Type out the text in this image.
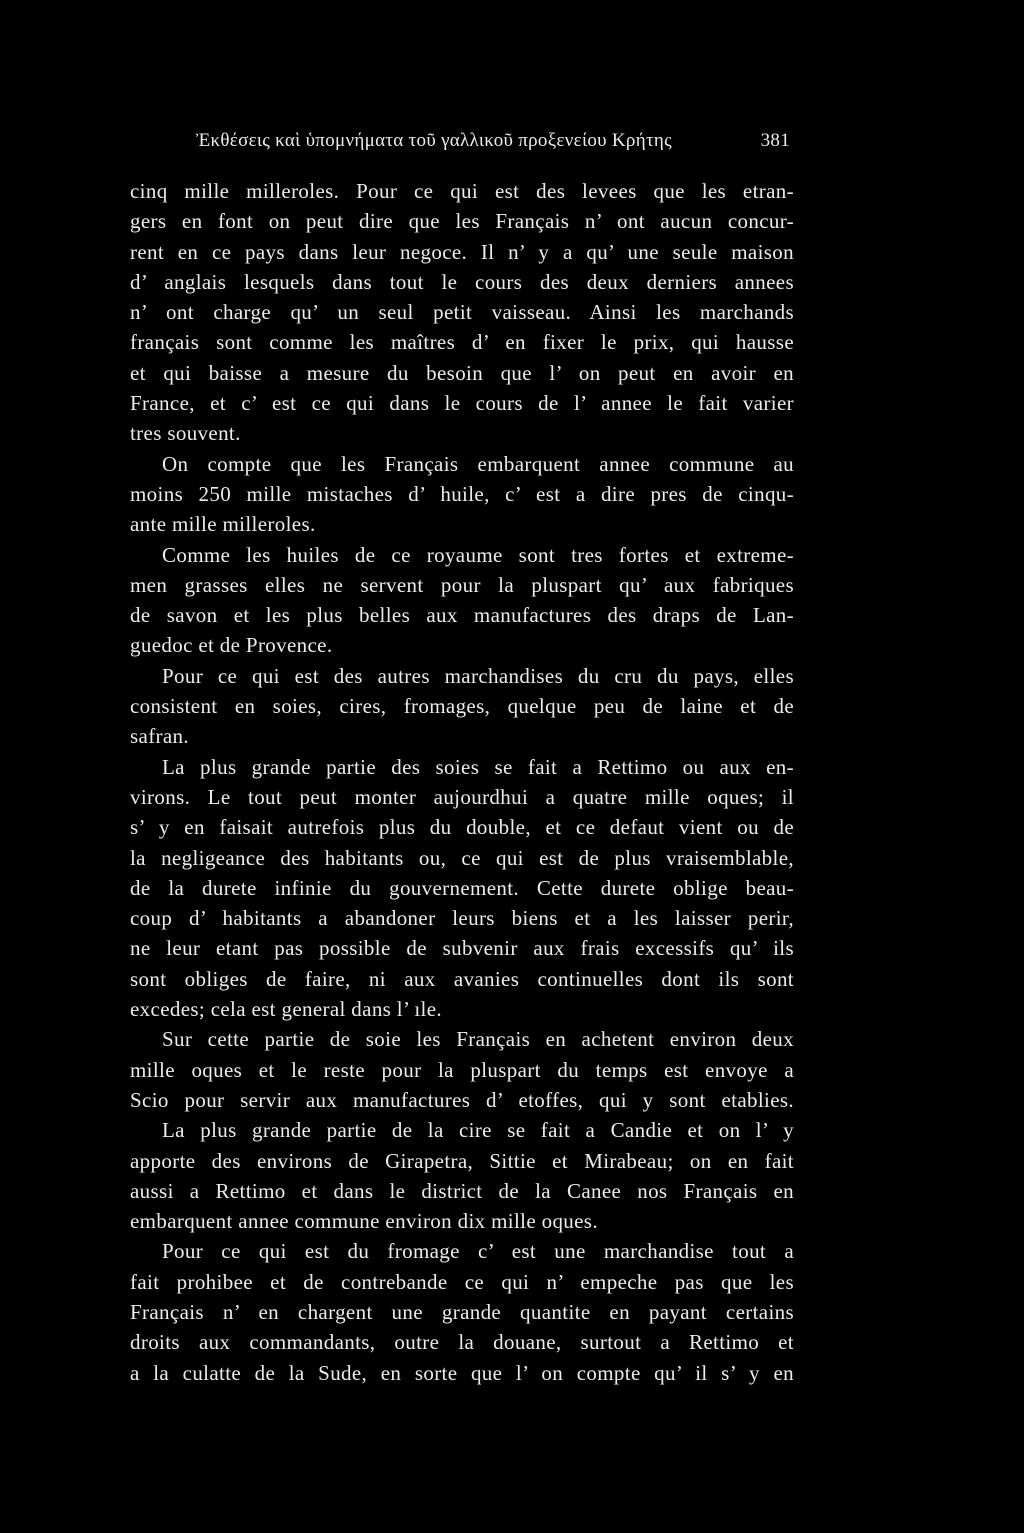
Ἐκθέσεις καὶ ὑπομνήματα τοῦ γαλλικοῦ προξενείου Κρήτης	381
cinq mille milleroles. Pour ce qui est des levees que les etran-
gers en font on peut dire que les Français n’ ont aucun concur-
rent en ce pays dans leur negoce. Il n’ y a qu’ une seule maison
d’ anglais lesquels dans tout le cours des deux derniers annees
n’ ont charge qu’ un seul petit vaisseau. Ainsi les marchands
français sont comme les maîtres d’ en fixer le prix, qui hausse
et qui baisse a mesure du besoin que l’ on peut en avoir en
France, et c’ est ce qui dans le cours de l’ annee le fait varier
tres souvent.
On compte que les Français embarquent annee commune au
moins 250 mille mistaches d’ huile, c’ est a dire pres de cinqu-
ante mille milleroles.
Comme les huiles de ce royaume sont tres fortes et extreme-
men grasses elles ne servent pour la pluspart qu’ aux fabriques
de savon et les plus belles aux manufactures des draps de Lan-
guedoc et de Provence.
Pour ce qui est des autres marchandises du cru du pays, elles
consistent en soies, cires, fromages, quelque peu de laine et de
safran.
La plus grande partie des soies se fait a Rettimo ou aux en-
virons. Le tout peut monter aujourdhui a quatre mille oques; il
s’ y en faisait autrefois plus du double, et ce defaut vient ou de
la negligeance des habitants ou, ce qui est de plus vraisemblable,
de la durete infinie du gouvernement. Cette durete oblige beau-
coup d’ habitants a abandoner leurs biens et a les laisser perir,
ne leur etant pas possible de subvenir aux frais excessifs qu’ ils
sont obliges de faire, ni aux avanies continuelles dont ils sont
excedes; cela est general dans l’ ıle.
Sur cette partie de soie les Français en achetent environ deux
mille oques et le reste pour la pluspart du temps est envoye a
Scio pour servir aux manufactures d’ etoffes, qui y sont etablies.
La plus grande partie de la cire se fait a Candie et on l’ y
apporte des environs de Girapetra, Sittie et Mirabeau; on en fait
aussi a Rettimo et dans le district de la Canee nos Français en
embarquent annee commune environ dix mille oques.
Pour ce qui est du fromage c’ est une marchandise tout a
fait prohibee et de contrebande ce qui n’ empeche pas que les
Français n’ en chargent une grande quantite en payant certains
droits aux commandants, outre la douane, surtout a Rettimo et
a la culatte de la Sude, en sorte que l’ on compte qu’ il s’ y en
